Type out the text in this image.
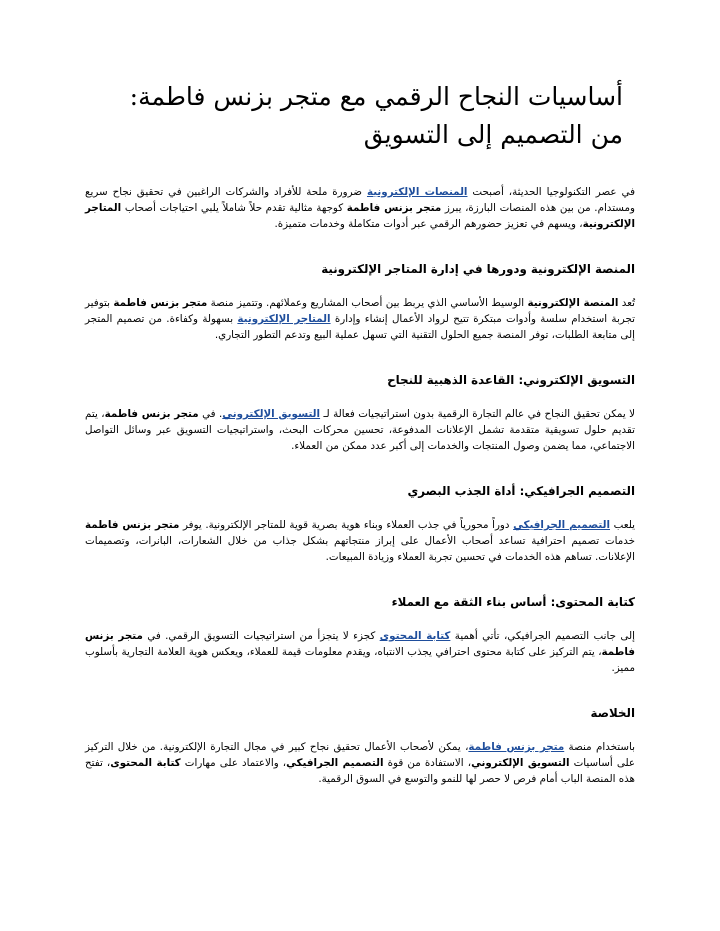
أساسيات النجاح الرقمي مع متجر بزنس فاطمة: من التصميم إلى التسويق

في عصر التكنولوجيا الحديثة، أصبحت المنصات الإلكترونية ضرورة ملحة للأفراد والشركات الراغبين في تحقيق نجاح سريع ومستدام. من بين هذه المنصات البارزة، يبرز متجر بزنس فاطمة كوجهة مثالية تقدم حلاً شاملاً يلبي احتياجات أصحاب المتاجر الإلكترونية، ويسهم في تعزيز حضورهم الرقمي عبر أدوات متكاملة وخدمات متميزة.

المنصة الإلكترونية ودورها في إدارة المتاجر الإلكترونية

تُعد المنصة الإلكترونية الوسيط الأساسي الذي يربط بين أصحاب المشاريع وعملائهم. وتتميز منصة متجر بزنس فاطمة بتوفير تجربة استخدام سلسة وأدوات مبتكرة تتيح لرواد الأعمال إنشاء وإدارة المتاجر الإلكترونية بسهولة وكفاءة. من تصميم المتجر إلى متابعة الطلبات، توفر المنصة جميع الحلول التقنية التي تسهل عملية البيع وتدعم التطور التجاري.

التسويق الإلكتروني: القاعدة الذهبية للنجاح

لا يمكن تحقيق النجاح في عالم التجارة الرقمية بدون استراتيجيات فعالة لـ التسويق الإلكتروني. في متجر بزنس فاطمة، يتم تقديم حلول تسويقية متقدمة تشمل الإعلانات المدفوعة، تحسين محركات البحث، واستراتيجيات التسويق عبر وسائل التواصل الاجتماعي، مما يضمن وصول المنتجات والخدمات إلى أكبر عدد ممكن من العملاء.

التصميم الجرافيكي: أداة الجذب البصري

يلعب التصميم الجرافيكي دوراً محورياً في جذب العملاء وبناء هوية بصرية قوية للمتاجر الإلكترونية. يوفر متجر بزنس فاطمة خدمات تصميم احترافية تساعد أصحاب الأعمال على إبراز منتجاتهم بشكل جذاب من خلال الشعارات، البانرات، وتصميمات الإعلانات. تساهم هذه الخدمات في تحسين تجربة العملاء وزيادة المبيعات.

كتابة المحتوى: أساس بناء الثقة مع العملاء

إلى جانب التصميم الجرافيكي، تأتي أهمية كتابة المحتوى كجزء لا يتجزأ من استراتيجيات التسويق الرقمي. في متجر بزنس فاطمة، يتم التركيز على كتابة محتوى احترافي يجذب الانتباه، ويقدم معلومات قيمة للعملاء، ويعكس هوية العلامة التجارية بأسلوب مميز.

الخلاصة

باستخدام منصة متجر بزنس فاطمة، يمكن لأصحاب الأعمال تحقيق نجاح كبير في مجال التجارة الإلكترونية. من خلال التركيز على أساسيات التسويق الإلكتروني، الاستفادة من قوة التصميم الجرافيكي، والاعتماد على مهارات كتابة المحتوى، تفتح هذه المنصة الباب أمام فرص لا حصر لها للنمو والتوسع في السوق الرقمية.
